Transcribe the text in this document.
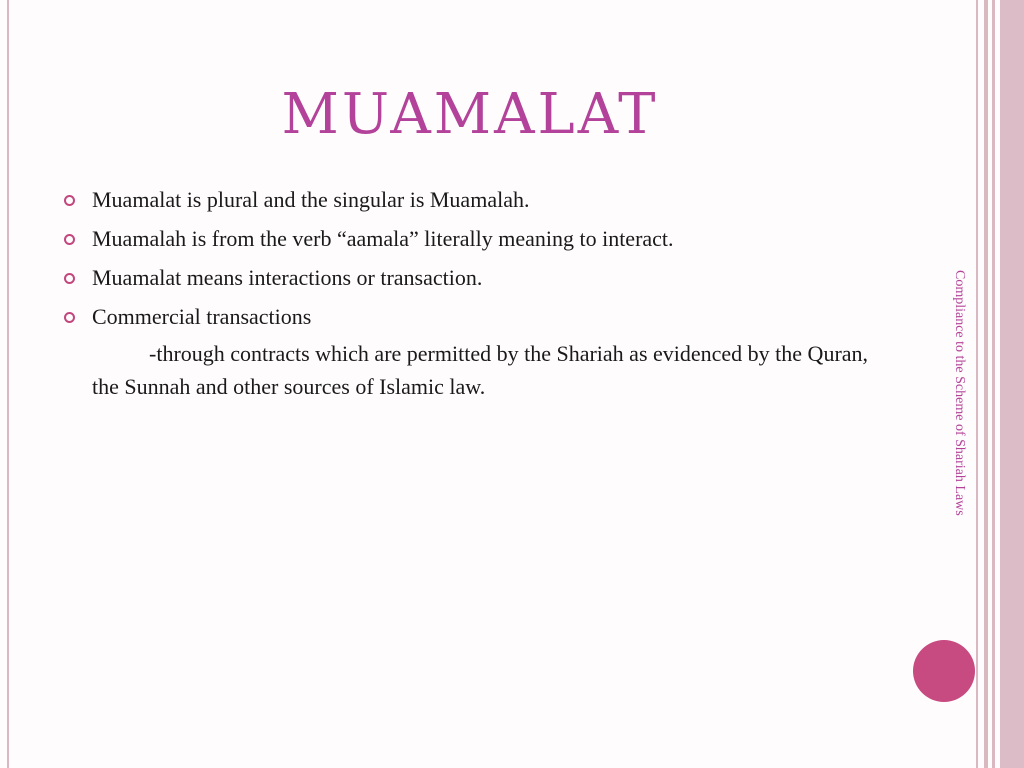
MUAMALAT
Muamalat is plural and the singular is Muamalah.
Muamalah is from the verb “aamala” literally meaning to interact.
Muamalat means interactions or transaction.
Commercial transactions
-through contracts which are permitted by the Shariah as evidenced by the Quran, the Sunnah and other sources of Islamic law.	Compliance to the Scheme of Shariah Laws
